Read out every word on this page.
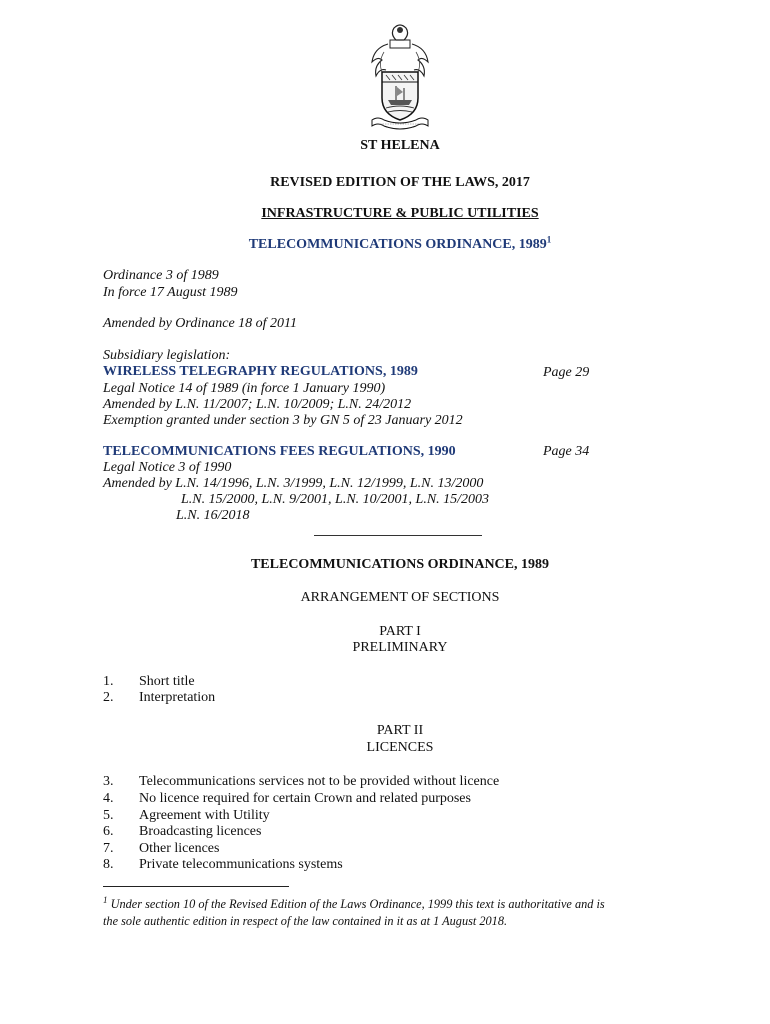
ST HELENA
REVISED EDITION OF THE LAWS, 2017
INFRASTRUCTURE & PUBLIC UTILITIES
TELECOMMUNICATIONS ORDINANCE, 1989$^1$
Ordinance 3 of 1989
In force 17 August 1989
Amended by Ordinance 18 of 2011
Subsidiary legislation:
WIRELESS TELEGRAPHY REGULATIONS, 1989	Page 29
Legal Notice 14 of 1989 (in force 1 January 1990)
Amended by L.N. 11/2007; L.N. 10/2009; L.N. 24/2012
Exemption granted under section 3 by GN 5 of 23 January 2012
TELECOMMUNICATIONS FEES REGULATIONS, 1990	Page 34
Legal Notice 3 of 1990
Amended by L.N. 14/1996, L.N. 3/1999, L.N. 12/1999, L.N. 13/2000
L.N. 15/2000, L.N. 9/2001, L.N. 10/2001, L.N. 15/2003
L.N. 16/2018
TELECOMMUNICATIONS ORDINANCE, 1989
ARRANGEMENT OF SECTIONS
PART I
PRELIMINARY
1. Short title
2. Interpretation
PART II
LICENCES
3. Telecommunications services not to be provided without licence
4. No licence required for certain Crown and related purposes
5. Agreement with Utility
6. Broadcasting licences
7. Other licences
8. Private telecommunications systems
$^1$ Under section 10 of the Revised Edition of the Laws Ordinance, 1999 this text is authoritative and is
the sole authentic edition in respect of the law contained in it as at 1 August 2018.
